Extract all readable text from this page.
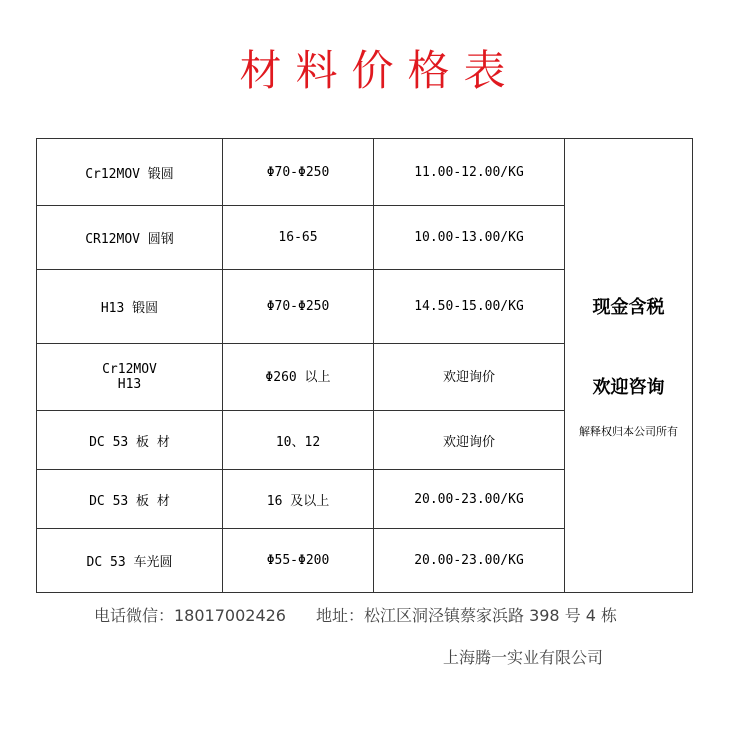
材料价格表
Cr12MOV 锻圆	Φ70-Φ250	11.00-12.00/KG	现金含税
欢迎咨询
解释权归本公司所有

CR12MOV 圆钢	16-65	10.00-13.00/KG	
H13 锻圆	Φ70-Φ250	14.50-15.00/KG	

Cr12MOV
H13	Φ260 以上	欢迎询价	
DC 53 板 材	10、12	欢迎询价	
DC 53 板 材	16 及以上	20.00-23.00/KG	
DC 53 车光圆	Φ55-Φ200	20.00-23.00/KG	
电话微信：18017002426 地址：松江区洞泾镇蔡家浜路 398 号 4 栋
上海腾一实业有限公司
